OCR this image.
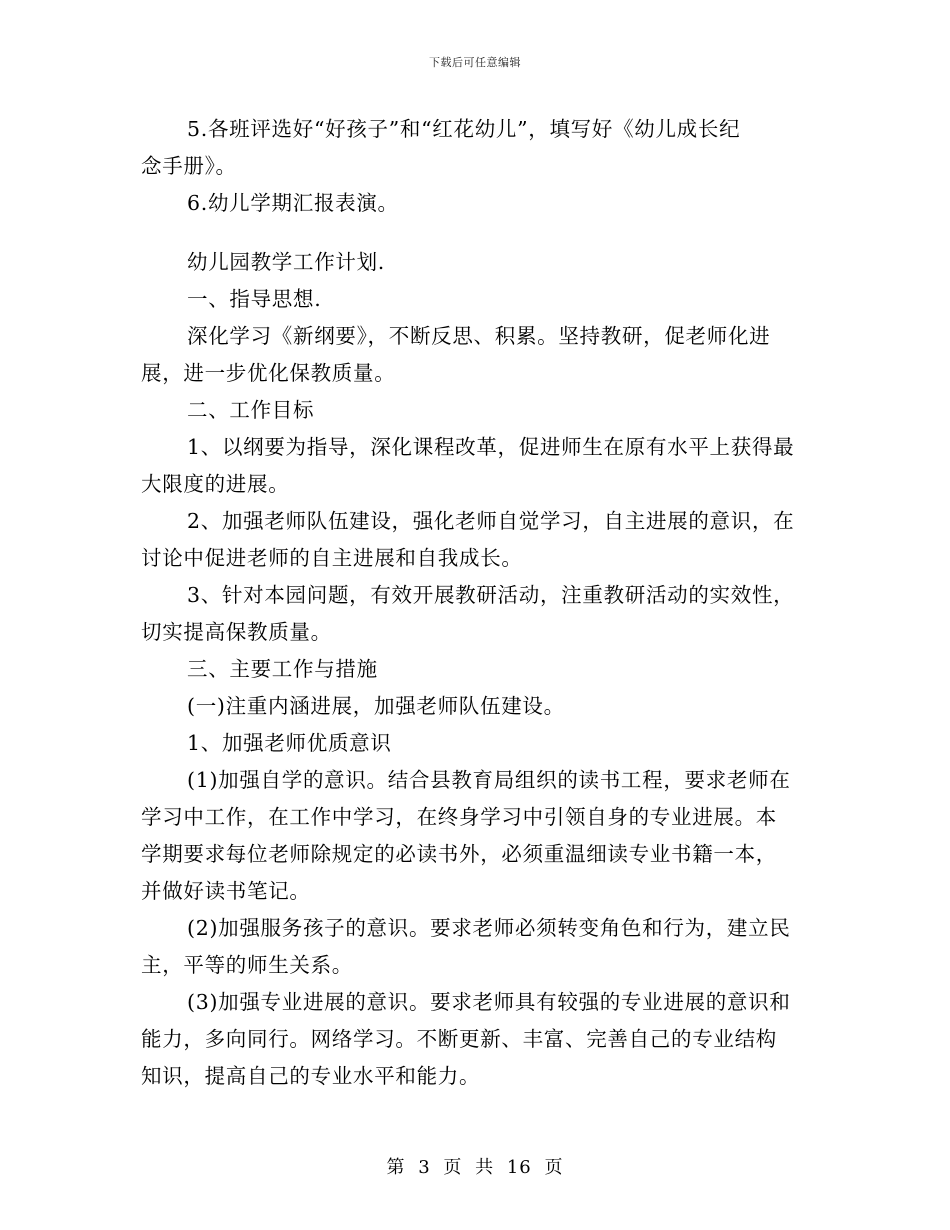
下载后可任意编辑

5.各班评选好“好孩子”和“红花幼儿”，填写好《幼儿成长纪
念手册》。

6.幼儿学期汇报表演。

幼儿园教学工作计划.

一、指导思想.

深化学习《新纲要》，不断反思、积累。坚持教研，促老师化进
展，进一步优化保教质量。

二、工作目标

1、以纲要为指导，深化课程改革，促进师生在原有水平上获得最
大限度的进展。

2、加强老师队伍建设，强化老师自觉学习，自主进展的意识，在
讨论中促进老师的自主进展和自我成长。

3、针对本园问题，有效开展教研活动，注重教研活动的实效性，
切实提高保教质量。

三、主要工作与措施

(一)注重内涵进展，加强老师队伍建设。

1、加强老师优质意识

(1)加强自学的意识。结合县教育局组织的读书工程，要求老师在
学习中工作，在工作中学习，在终身学习中引领自身的专业进展。本
学期要求每位老师除规定的必读书外，必须重温细读专业书籍一本，
并做好读书笔记。

(2)加强服务孩子的意识。要求老师必须转变角色和行为，建立民
主，平等的师生关系。

(3)加强专业进展的意识。要求老师具有较强的专业进展的意识和
能力，多向同行。网络学习。不断更新、丰富、完善自己的专业结构
知识，提高自己的专业水平和能力。

第 3 页 共 16 页
